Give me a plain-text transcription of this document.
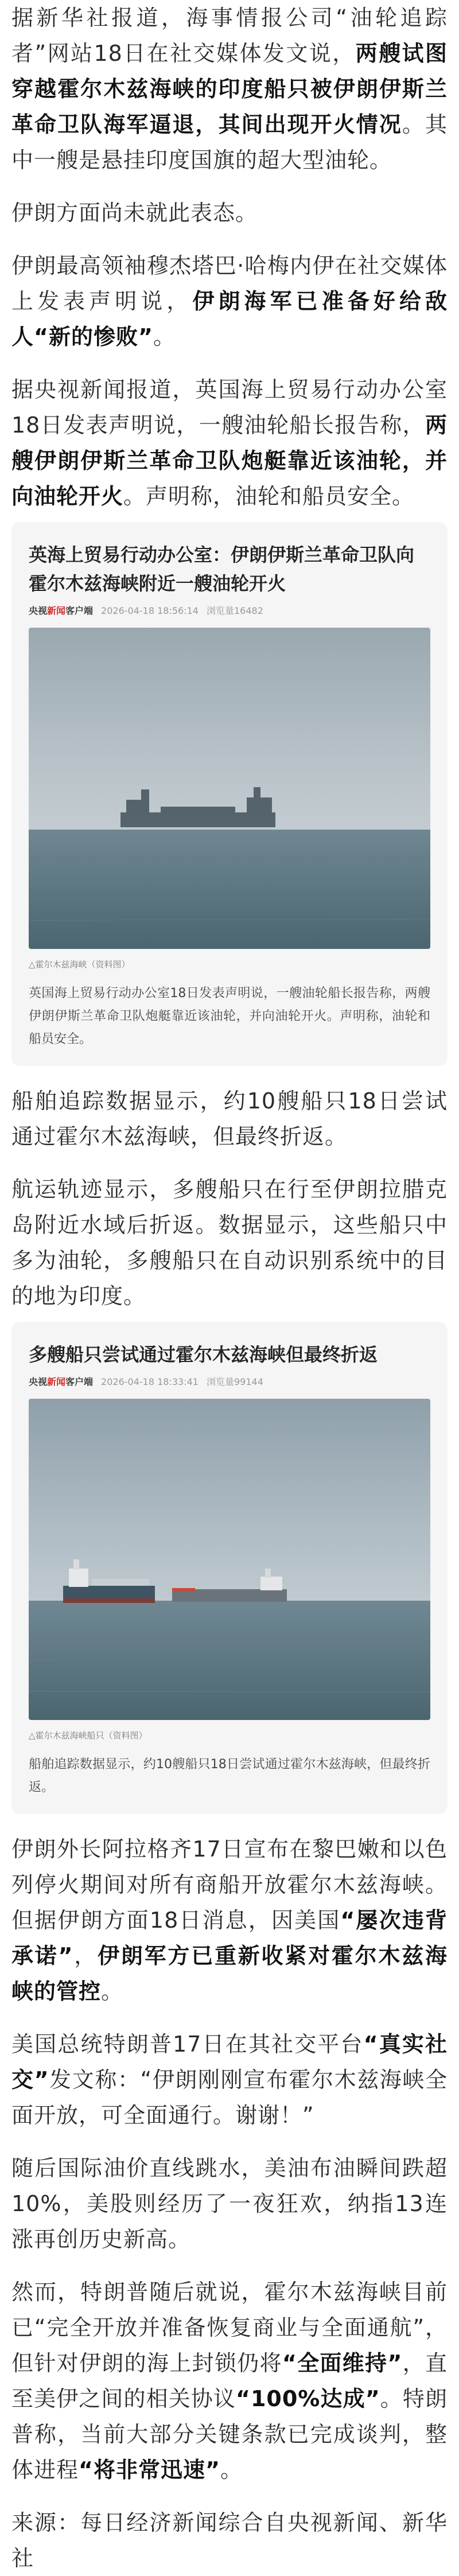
据新华社报道，海事情报公司“油轮追踪者”网站18日在社交媒体发文说，两艘试图穿越霍尔木兹海峡的印度船只被伊朗伊斯兰革命卫队海军逼退，其间出现开火情况。其中一艘是悬挂印度国旗的超大型油轮。

伊朗方面尚未就此表态。

伊朗最高领袖穆杰塔巴·哈梅内伊在社交媒体上发表声明说，伊朗海军已准备好给敌人“新的惨败”。

据央视新闻报道，英国海上贸易行动办公室18日发表声明说，一艘油轮船长报告称，两艘伊朗伊斯兰革命卫队炮艇靠近该油轮，并向油轮开火。声明称，油轮和船员安全。

英海上贸易行动办公室：伊朗伊斯兰革命卫队向霍尔木兹海峡附近一艘油轮开火

央视新闻客户端 2026-04-18 18:56:14 浏览量16482
△霍尔木兹海峡（资料图）

英国海上贸易行动办公室18日发表声明说，一艘油轮船长报告称，两艘伊朗伊斯兰革命卫队炮艇靠近该油轮，并向油轮开火。声明称，油轮和船员安全。

船舶追踪数据显示，约10艘船只18日尝试通过霍尔木兹海峡，但最终折返。

航运轨迹显示，多艘船只在行至伊朗拉腊克岛附近水域后折返。数据显示，这些船只中多为油轮，多艘船只在自动识别系统中的目的地为印度。

多艘船只尝试通过霍尔木兹海峡但最终折返

央视新闻客户端 2026-04-18 18:33:41 浏览量99144
△霍尔木兹海峡船只（资料图）

船舶追踪数据显示，约10艘船只18日尝试通过霍尔木兹海峡，但最终折返。

伊朗外长阿拉格齐17日宣布在黎巴嫩和以色列停火期间对所有商船开放霍尔木兹海峡。但据伊朗方面18日消息，因美国“屡次违背承诺”，伊朗军方已重新收紧对霍尔木兹海峡的管控。

美国总统特朗普17日在其社交平台“真实社交”发文称：“伊朗刚刚宣布霍尔木兹海峡全面开放，可全面通行。谢谢！”

随后国际油价直线跳水，美油布油瞬间跌超10%，美股则经历了一夜狂欢，纳指13连涨再创历史新高。

然而，特朗普随后就说，霍尔木兹海峡目前已“完全开放并准备恢复商业与全面通航”，但针对伊朗的海上封锁仍将“全面维持”，直至美伊之间的相关协议“100%达成”。特朗普称，当前大部分关键条款已完成谈判，整体进程“将非常迅速”。

来源：每日经济新闻综合自央视新闻、新华社
